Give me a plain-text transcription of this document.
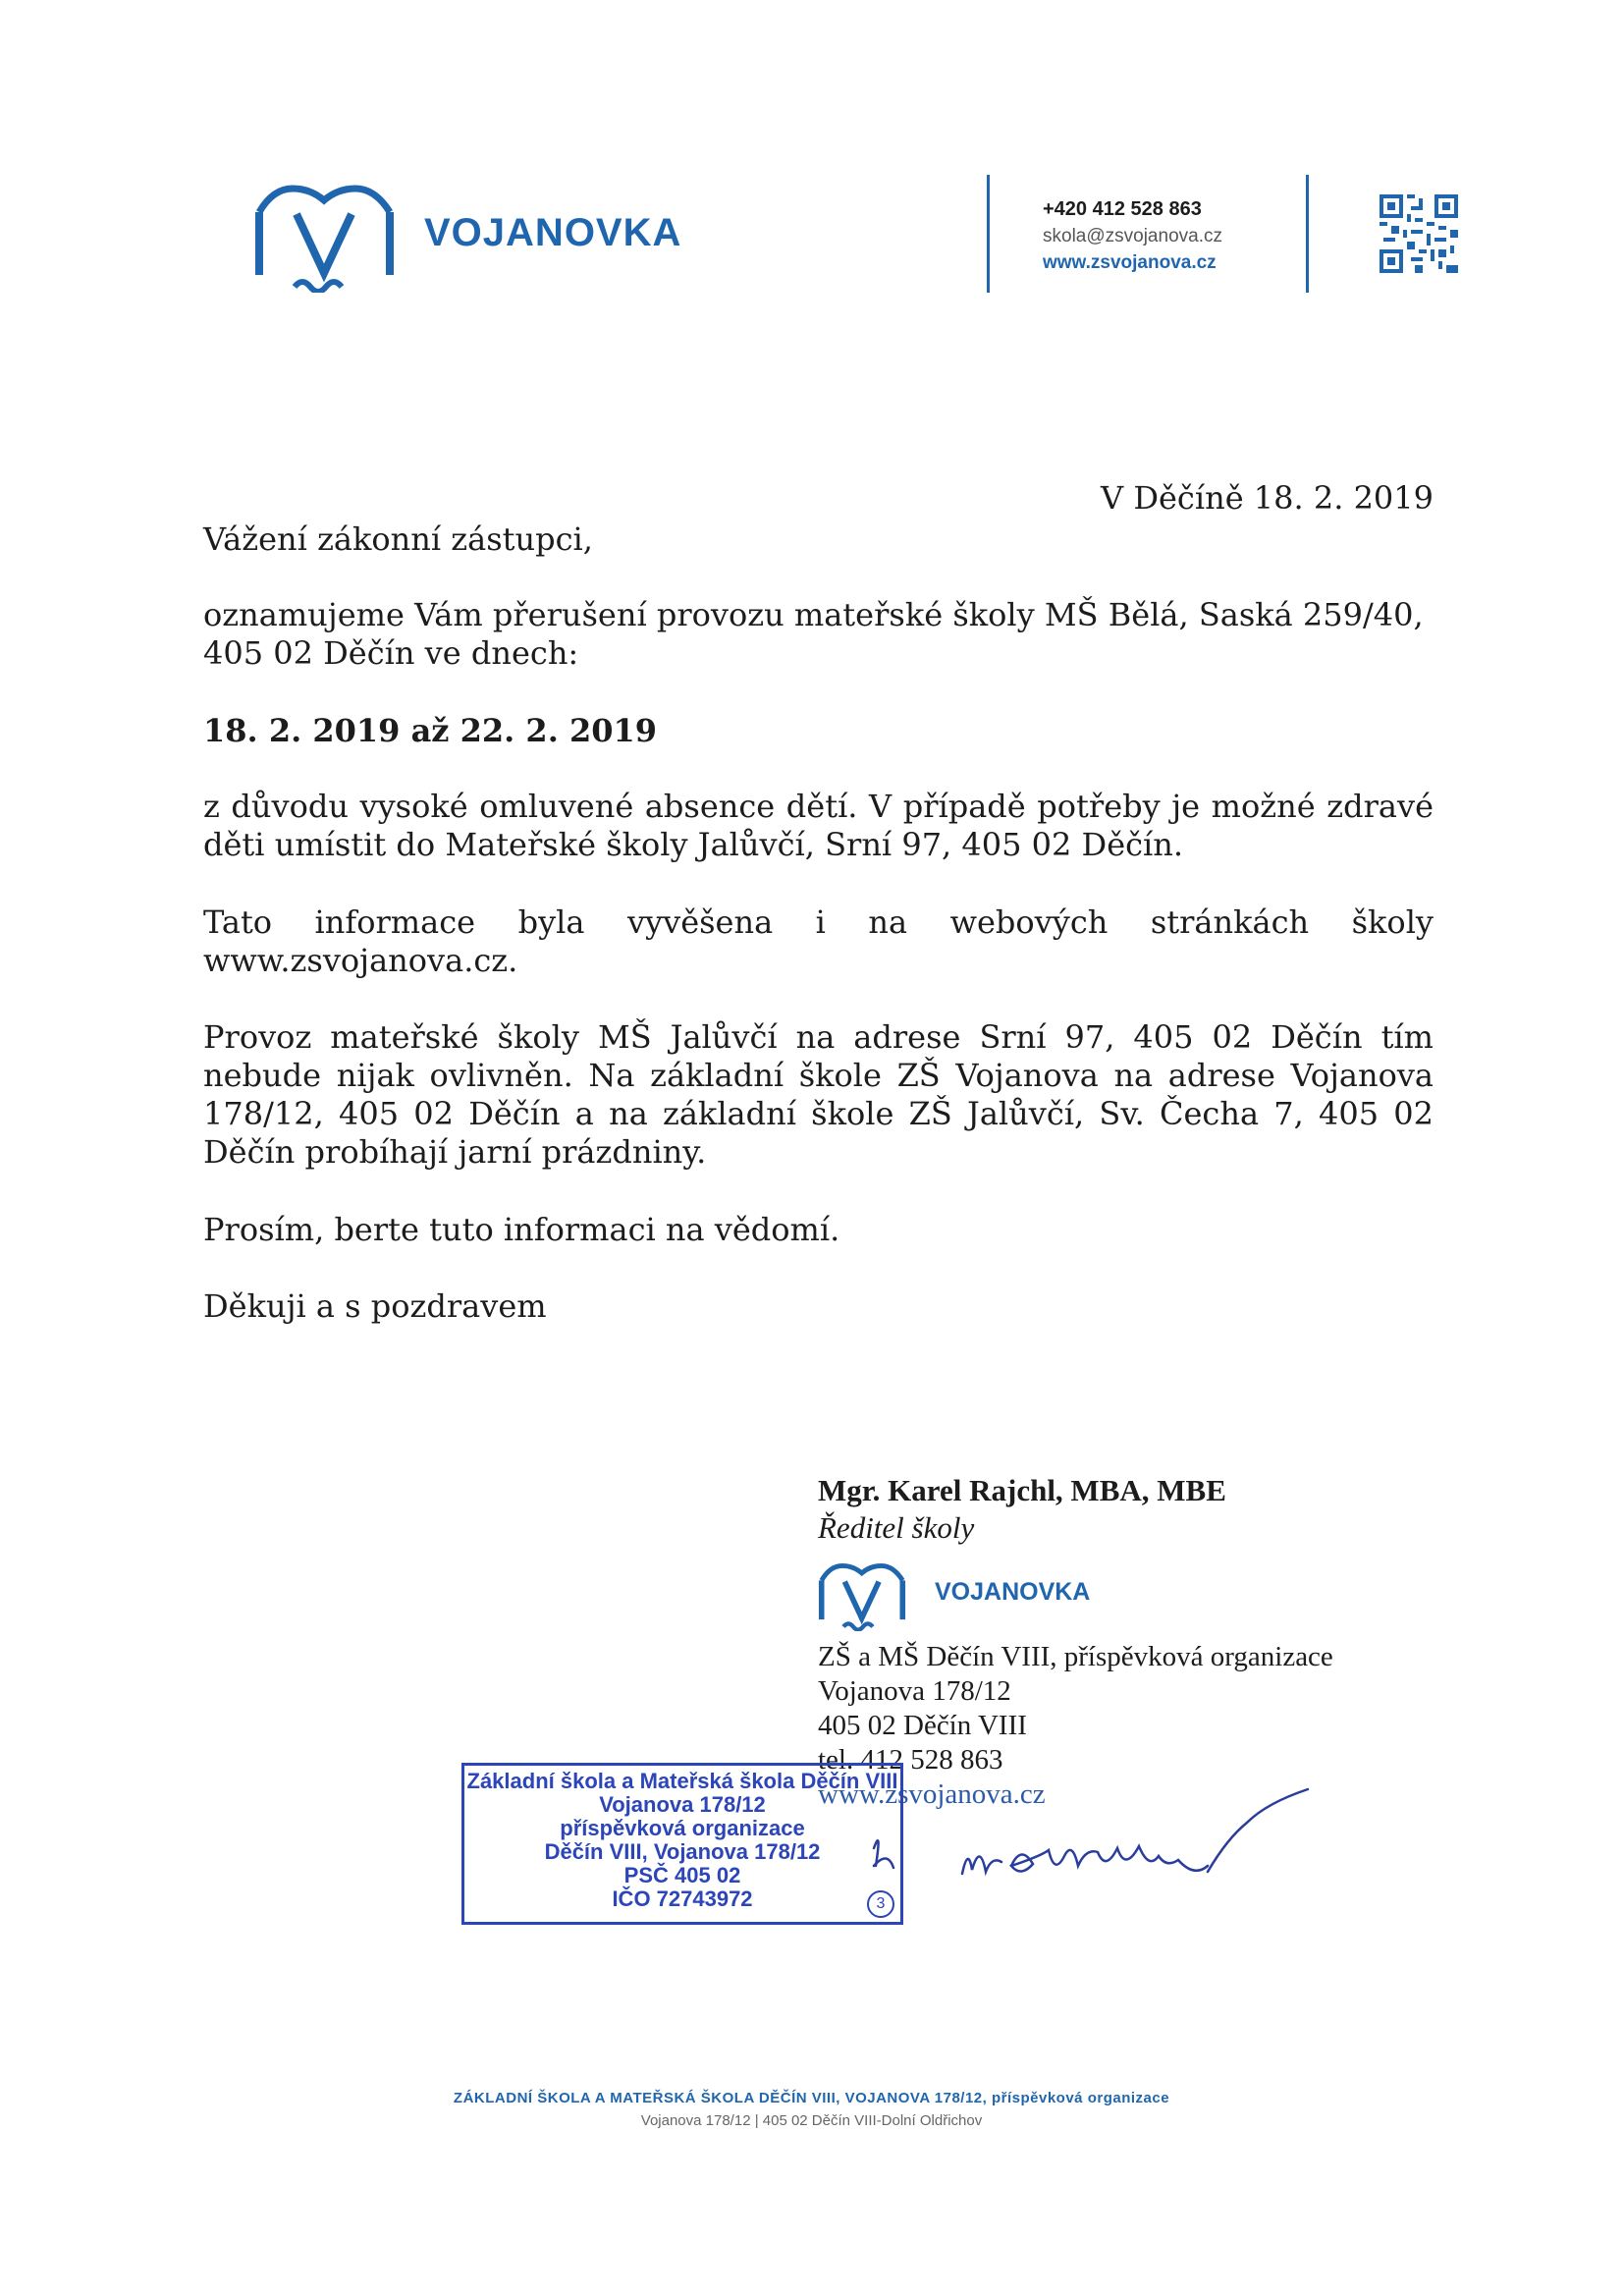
VOJANOVKA
+420 412 528 863
skola@zsvojanova.cz
www.zsvojanova.cz

V Děčíně 18. 2. 2019

Vážení zákonní zástupci,

oznamujeme Vám přerušení provozu mateřské školy MŠ Bělá, Saská 259/40,
405 02 Děčín ve dnech:

18. 2. 2019 až 22. 2. 2019

z důvodu vysoké omluvené absence dětí. V případě potřeby je možné zdravé děti umístit do Mateřské školy Jalůvčí, Srní 97, 405 02 Děčín.

Tato informace byla vyvěšena i na webových stránkách školy www.zsvojanova.cz.

Provoz mateřské školy MŠ Jalůvčí na adrese Srní 97, 405 02 Děčín tím nebude nijak ovlivněn. Na základní škole ZŠ Vojanova na adrese Vojanova 178/12, 405 02 Děčín a na základní škole ZŠ Jalůvčí, Sv. Čecha 7, 405 02 Děčín probíhají jarní prázdniny.

Prosím, berte tuto informaci na vědomí.

Děkuji a s pozdravem

Mgr. Karel Rajchl, MBA, MBE

Ředitel školy

VOJANOVKA

ZŠ a MŠ Děčín VIII, příspěvková organizace
Vojanova 178/12
405 02 Děčín VIII
tel. 412 528 863
www.zsvojanova.cz

Základní škola a Mateřská škola Děčín VIII
Vojanova 178/12
příspěvková organizace
Děčín VIII, Vojanova 178/12
PSČ 405 02
IČO 72743972	3

ZÁKLADNÍ ŠKOLA A MATEŘSKÁ ŠKOLA DĚČÍN VIII, VOJANOVA 178/12, příspěvková organizace

Vojanova 178/12 | 405 02 Děčín VIII-Dolní Oldřichov
